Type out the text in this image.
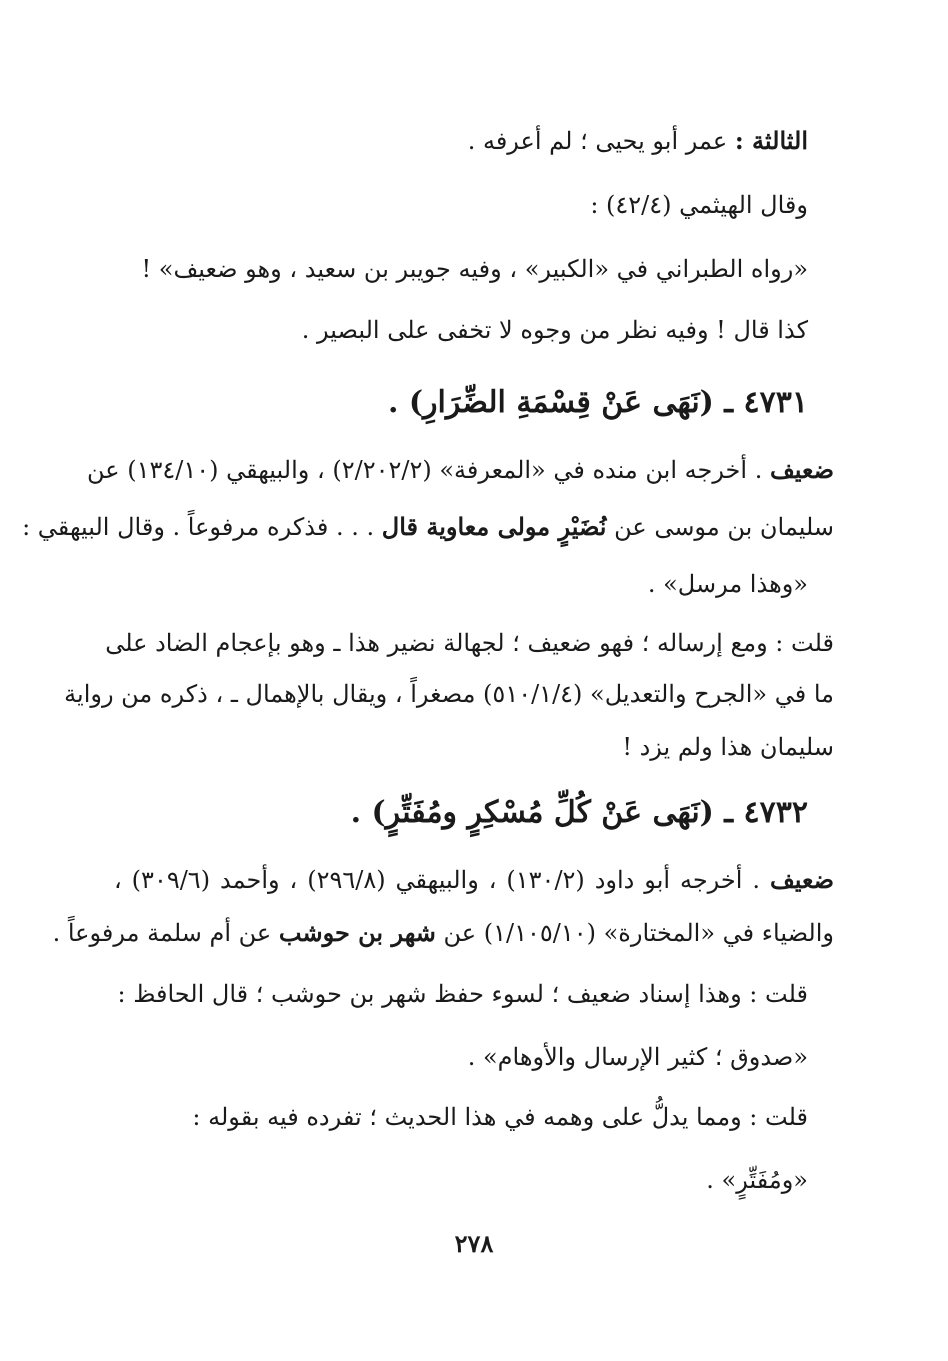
الثالثة : عمر أبو يحيى ؛ لم أعرفه .
وقال الهيثمي (٤٢/٤) :
«رواه الطبراني في «الكبير» ، وفيه جويبر بن سعيد ، وهو ضعيف» !
كذا قال ! وفيه نظر من وجوه لا تخفى على البصير .
٤٧٣١ ـ (نَهَى عَنْ قِسْمَةِ الضِّرَارِ) .
ضعيف . أخرجه ابن منده في «المعرفة» (٢/٢٠٢/٢) ، والبيهقي (١٣٤/١٠) عن
سليمان بن موسى عن نُضَيْرٍ مولى معاوية قال . . . فذكره مرفوعاً . وقال البيهقي :
«وهذا مرسل» .
قلت : ومع إرساله ؛ فهو ضعيف ؛ لجهالة نضير هذا ـ وهو بإعجام الضاد على
ما في «الجرح والتعديل» (٥١٠/١/٤) مصغراً ، ويقال بالإهمال ـ ، ذكره من رواية
سليمان هذا ولم يزد !
٤٧٣٢ ـ (نَهَى عَنْ كُلِّ مُسْكِرٍ ومُفَتِّرٍ) .
ضعيف . أخرجه أبو داود (١٣٠/٢) ، والبيهقي (٢٩٦/٨) ، وأحمد (٣٠٩/٦) ،
والضياء في «المختارة» (١/١٠٥/١٠) عن شهر بن حوشب عن أم سلمة مرفوعاً .
قلت : وهذا إسناد ضعيف ؛ لسوء حفظ شهر بن حوشب ؛ قال الحافظ :
«صدوق ؛ كثير الإرسال والأوهام» .
قلت : ومما يدلُّ على وهمه في هذا الحديث ؛ تفرده فيه بقوله :
«ومُفَتِّرٍ» .
٢٧٨
